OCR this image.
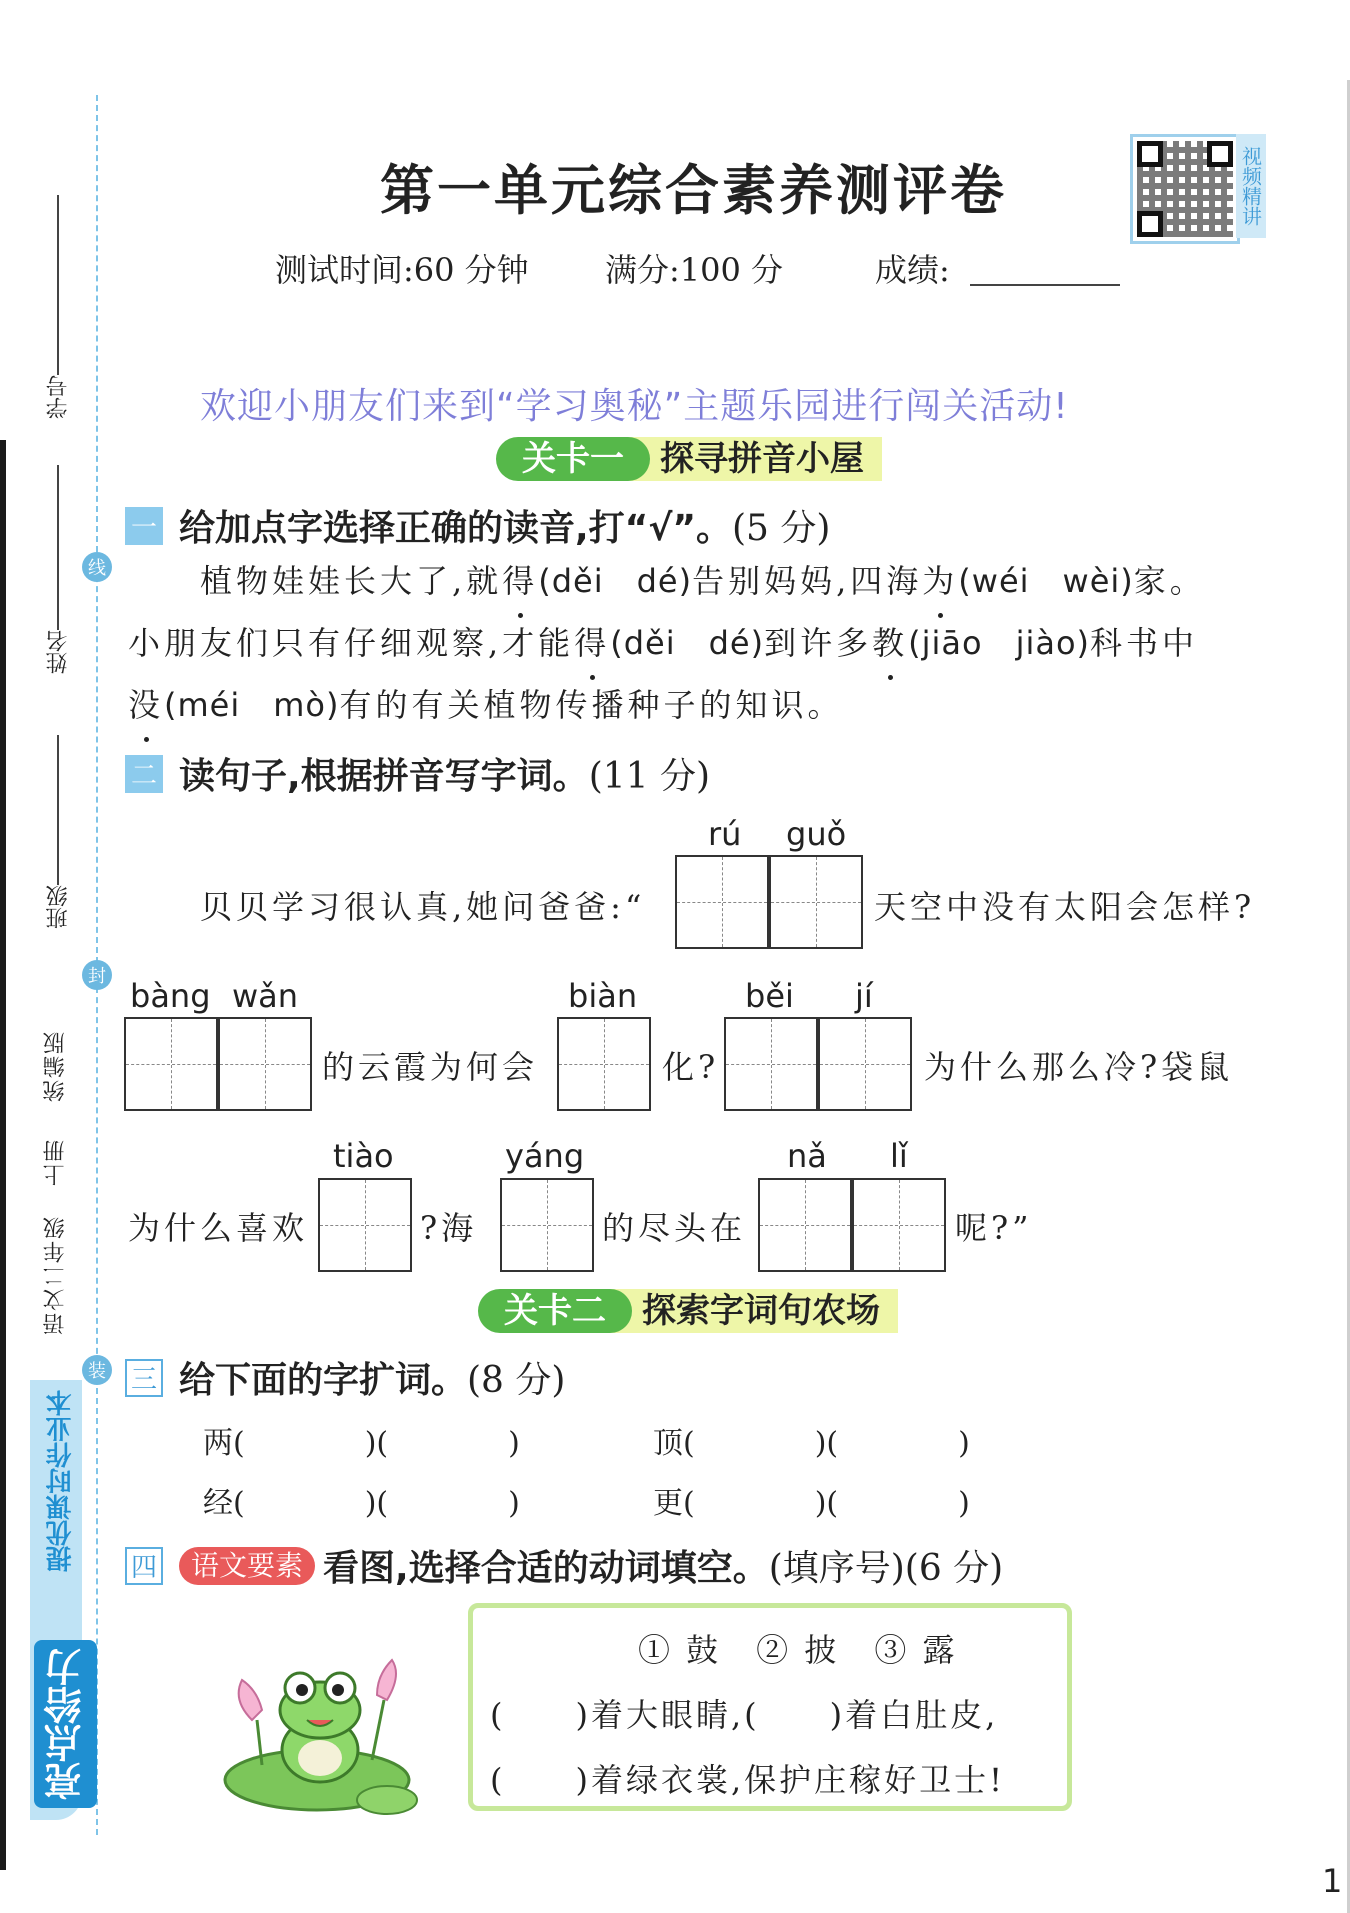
线
封
装
学号
姓名
班级
统编版
上册
语文二年级
提优课时作业本
亮点给力
第一单元综合素养测评卷
测试时间:60 分钟 满分:100 分	成绩:
视频精讲
欢迎小朋友们来到“学习奥秘”主题乐园进行闯关活动!
关卡一	探寻拼音小屋
一 给加点字选择正确的读音,打“√”。(5 分)
植物娃娃长大了,就得(děi　dé)告别妈妈,四海为(wéi　wèi)家。
小朋友们只有仔细观察,才能得(děi　dé)到许多教(jiāo　jiào)科书中
没(méi　mò)有的有关植物传播种子的知识。
二 读句子,根据拼音写字词。(11 分)
rú guǒ
贝贝学习很认真,她问爸爸:“	天空中没有太阳会怎样?
bàng wǎn	biàn	běi jí
的云霞为何会	化?	为什么那么冷?袋鼠
tiào	yáng	nǎ lǐ
为什么喜欢	?海	的尽头在	呢?”
关卡二	探索字词句农场
三 给下面的字扩词。(8 分)
两(　　　　)(　　　　)	顶(　　　　)(　　　　)
经(　　　　)(　　　　)	更(　　　　)(　　　　)
四	语文要素 看图,选择合适的动词填空。(填序号)(6 分)
① 鼓　② 披　③ 露
(　　)着大眼睛,(　　)着白肚皮,
(　　)着绿衣裳,保护庄稼好卫士!
1
